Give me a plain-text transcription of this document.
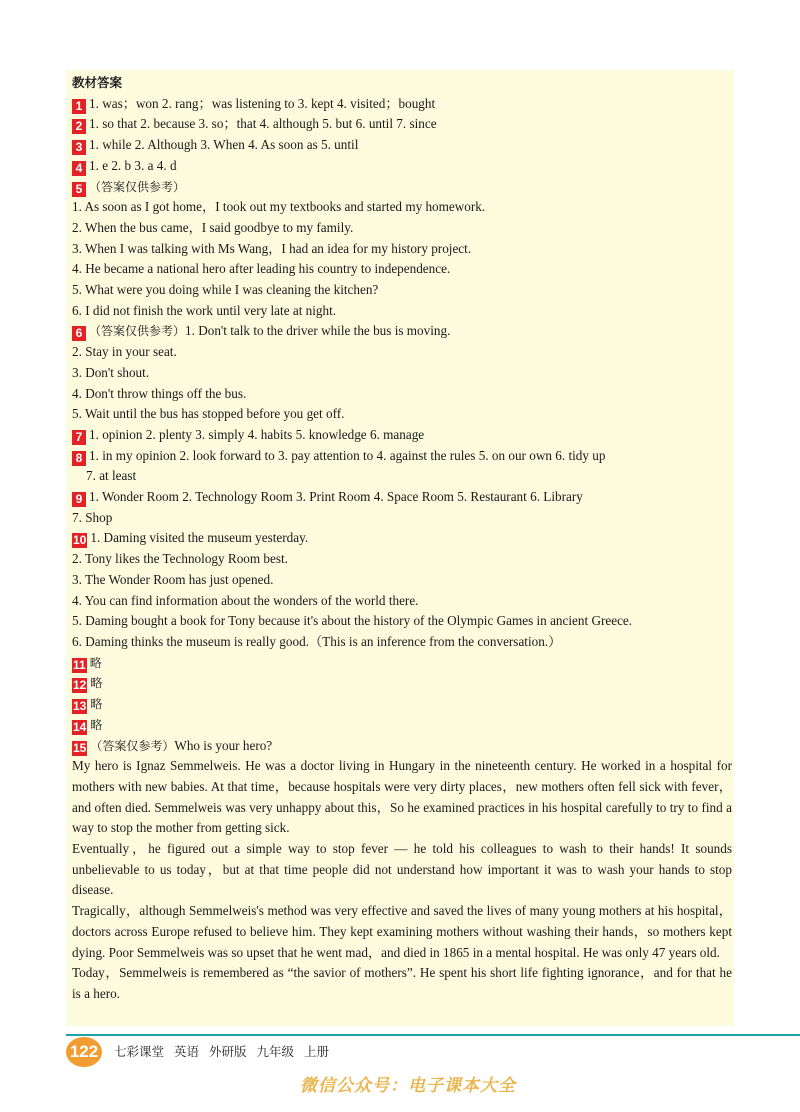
教材答案
1 1. was；won 2. rang；was listening to 3. kept 4. visited；bought
2 1. so that 2. because 3. so；that 4. although 5. but 6. until 7. since
3 1. while 2. Although 3. When 4. As soon as 5. until
4 1. e 2. b 3. a 4. d
5 （答案仅供参考）
1. As soon as I got home，I took out my textbooks and started my homework.
2. When the bus came，I said goodbye to my family.
3. When I was talking with Ms Wang，I had an idea for my history project.
4. He became a national hero after leading his country to independence.
5. What were you doing while I was cleaning the kitchen?
6. I did not finish the work until very late at night.
6 （答案仅供参考）1. Don't talk to the driver while the bus is moving.
2. Stay in your seat.
3. Don't shout.
4. Don't throw things off the bus.
5. Wait until the bus has stopped before you get off.
7 1. opinion 2. plenty 3. simply 4. habits 5. knowledge 6. manage
8 1. in my opinion 2. look forward to 3. pay attention to 4. against the rules 5. on our own 6. tidy up
7. at least
9 1. Wonder Room 2. Technology Room 3. Print Room 4. Space Room 5. Restaurant 6. Library
7. Shop
10 1. Daming visited the museum yesterday.
2. Tony likes the Technology Room best.
3. The Wonder Room has just opened.
4. You can find information about the wonders of the world there.
5. Daming bought a book for Tony because it's about the history of the Olympic Games in ancient Greece.
6. Daming thinks the museum is really good.（This is an inference from the conversation.）
11 略
12 略
13 略
14 略
15 （答案仅参考）Who is your hero?
My hero is Ignaz Semmelweis. He was a doctor living in Hungary in the nineteenth century. He worked in a hospital for mothers with new babies. At that time，because hospitals were very dirty places，new mothers often fell sick with fever，and often died. Semmelweis was very unhappy about this，So he examined practices in his hospital carefully to try to find a way to stop the mother from getting sick.
Eventually，he figured out a simple way to stop fever — he told his colleagues to wash to their hands! It sounds unbelievable to us today，but at that time people did not understand how important it was to wash your hands to stop disease.
Tragically，although Semmelweis's method was very effective and saved the lives of many young mothers at his hospital，doctors across Europe refused to believe him. They kept examining mothers without washing their hands，so mothers kept dying. Poor Semmelweis was so upset that he went mad，and died in 1865 in a mental hospital. He was only 47 years old.
Today，Semmelweis is remembered as “the savior of mothers”. He spent his short life fighting ignorance，and for that he is a hero.
122	七彩课堂 英语 外研版 九年级 上册
微信公众号：电子课本大全
